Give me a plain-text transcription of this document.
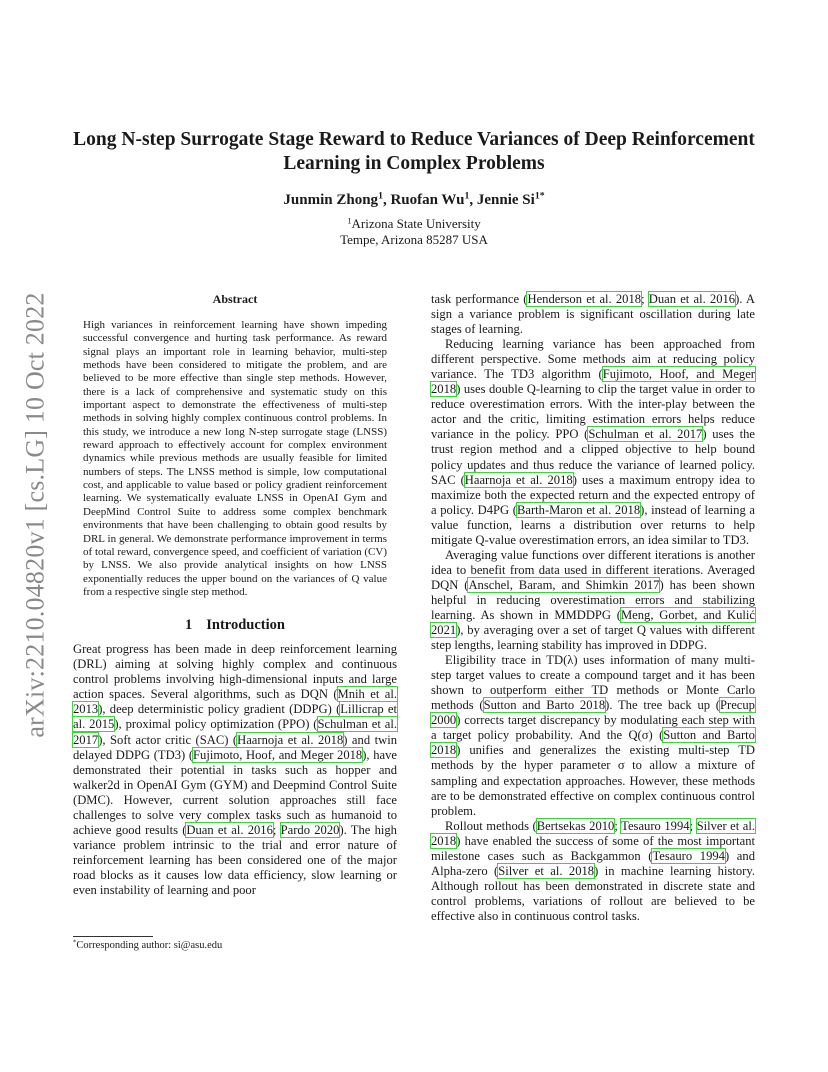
arXiv:2210.04820v1 [cs.LG] 10 Oct 2022
Long N-step Surrogate Stage Reward to Reduce Variances of Deep Reinforcement Learning in Complex Problems
Junmin Zhong$^1$, Ruofan Wu$^1$, Jennie $Si^{1*}$
$^1$Arizona State University
Tempe, Arizona 85287 USA
Abstract

High variances in reinforcement learning have shown impeding successful convergence and hurting task performance. As reward signal plays an important role in learning behavior, multi-step methods have been considered to mitigate the problem, and are believed to be more effective than single step methods. However, there is a lack of comprehensive and systematic study on this important aspect to demonstrate the effectiveness of multi-step methods in solving highly complex continuous control problems. In this study, we introduce a new long N-step surrogate stage (LNSS) reward approach to effectively account for complex environment dynamics while previous methods are usually feasible for limited numbers of steps. The LNSS method is simple, low computational cost, and applicable to value based or policy gradient reinforcement learning. We systematically evaluate LNSS in OpenAI Gym and DeepMind Control Suite to address some complex benchmark environments that have been challenging to obtain good results by DRL in general. We demonstrate performance improvement in terms of total reward, convergence speed, and coefficient of variation (CV) by LNSS. We also provide analytical insights on how LNSS exponentially reduces the upper bound on the variances of Q value from a respective single step method.

1 Introduction

Great progress has been made in deep reinforcement learning (DRL) aiming at solving highly complex and continuous control problems involving high-dimensional inputs and large action spaces. Several algorithms, such as DQN (Mnih et al. 2013), deep deterministic policy gradient (DDPG) (Lillicrap et al. 2015), proximal policy optimization (PPO) (Schulman et al. 2017), Soft actor critic (SAC) (Haarnoja et al. 2018) and twin delayed DDPG (TD3) (Fujimoto, Hoof, and Meger 2018), have demonstrated their potential in tasks such as hopper and walker2d in OpenAI Gym (GYM) and Deepmind Control Suite (DMC). However, current solution approaches still face challenges to solve very complex tasks such as humanoid to achieve good results (Duan et al. 2016; Pardo 2020). The high variance problem intrinsic to the trial and error nature of reinforcement learning has been considered one of the major road blocks as it causes low data efficiency, slow learning or even instability of learning and poor

task performance (Henderson et al. 2018; Duan et al. 2016). A sign a variance problem is significant oscillation during late stages of learning.

Reducing learning variance has been approached from different perspective. Some methods aim at reducing policy variance. The TD3 algorithm (Fujimoto, Hoof, and Meger 2018) uses double Q-learning to clip the target value in order to reduce overestimation errors. With the inter-play between the actor and the critic, limiting estimation errors helps reduce variance in the policy. PPO (Schulman et al. 2017) uses the trust region method and a clipped objective to help bound policy updates and thus reduce the variance of learned policy. SAC (Haarnoja et al. 2018) uses a maximum entropy idea to maximize both the expected return and the expected entropy of a policy. D4PG (Barth-Maron et al. 2018), instead of learning a value function, learns a distribution over returns to help mitigate Q-value overestimation errors, an idea similar to TD3.

Averaging value functions over different iterations is another idea to benefit from data used in different iterations. Averaged DQN (Anschel, Baram, and Shimkin 2017) has been shown helpful in reducing overestimation errors and stabilizing learning. As shown in MMDDPG (Meng, Gorbet, and Kulić 2021), by averaging over a set of target Q values with different step lengths, learning stability has improved in DDPG.

Eligibility trace in TD(λ) uses information of many multi-step target values to create a compound target and it has been shown to outperform either TD methods or Monte Carlo methods (Sutton and Barto 2018). The tree back up (Precup 2000) corrects target discrepancy by modulating each step with a target policy probability. And the Q(σ) (Sutton and Barto 2018) unifies and generalizes the existing multi-step TD methods by the hyper parameter σ to allow a mixture of sampling and expectation approaches. However, these methods are to be demonstrated effective on complex continuous control problem.

Rollout methods (Bertsekas 2010; Tesauro 1994; Silver et al. 2018) have enabled the success of some of the most important milestone cases such as Backgammon (Tesauro 1994) and Alpha-zero (Silver et al. 2018) in machine learning history. Although rollout has been demonstrated in discrete state and control problems, variations of rollout are believed to be effective also in continuous control tasks.

*Corresponding author: si@asu.edu
